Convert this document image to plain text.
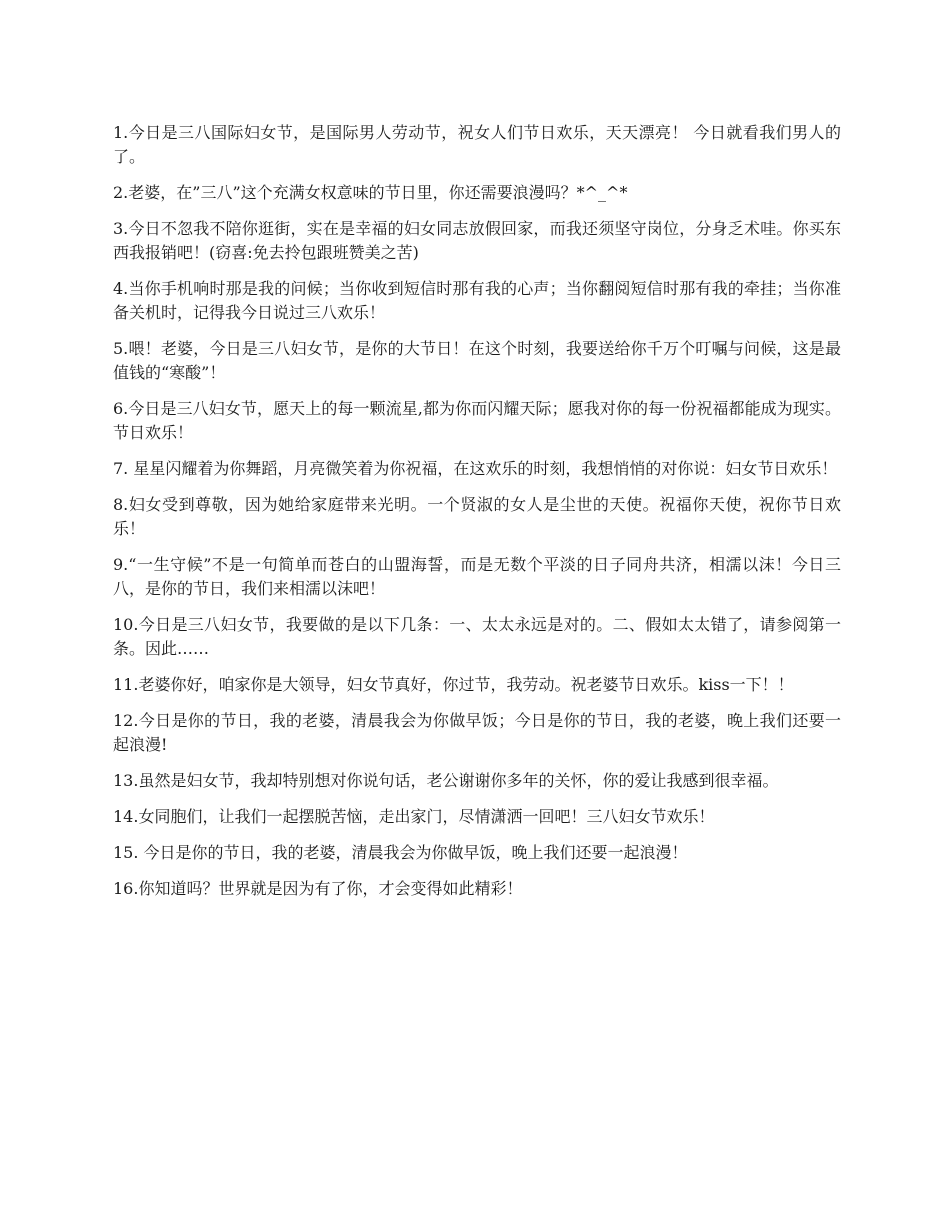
1.今日是三八国际妇女节，是国际男人劳动节，祝女人们节日欢乐，天天漂亮！ 今日就看我们男人的了。

2.老婆，在”三八”这个充满女权意味的节日里，你还需要浪漫吗？*^_^*

3.今日不忽我不陪你逛街，实在是幸福的妇女同志放假回家，而我还须坚守岗位，分身乏术哇。你买东西我报销吧！(窃喜:免去拎包跟班赞美之苦)

4.当你手机响时那是我的问候；当你收到短信时那有我的心声；当你翻阅短信时那有我的牵挂；当你准备关机时，记得我今日说过三八欢乐！

5.喂！老婆，今日是三八妇女节，是你的大节日！在这个时刻，我要送给你千万个叮嘱与问候，这是最值钱的“寒酸”！

6.今日是三八妇女节，愿天上的每一颗流星,都为你而闪耀天际；愿我对你的每一份祝福都能成为现实。节日欢乐！

7. 星星闪耀着为你舞蹈，月亮微笑着为你祝福，在这欢乐的时刻，我想悄悄的对你说：妇女节日欢乐！

8.妇女受到尊敬，因为她给家庭带来光明。一个贤淑的女人是尘世的天使。祝福你天使，祝你节日欢乐！

9.“一生守候”不是一句简单而苍白的山盟海誓，而是无数个平淡的日子同舟共济，相濡以沫！今日三八，是你的节日，我们来相濡以沫吧！

10.今日是三八妇女节，我要做的是以下几条：一、太太永远是对的。二、假如太太错了，请参阅第一条。因此……

11.老婆你好，咱家你是大领导，妇女节真好，你过节，我劳动。祝老婆节日欢乐。kiss一下！！

12.今日是你的节日，我的老婆，清晨我会为你做早饭；今日是你的节日，我的老婆，晚上我们还要一起浪漫!

13.虽然是妇女节，我却特别想对你说句话，老公谢谢你多年的关怀，你的爱让我感到很幸福。

14.女同胞们，让我们一起摆脱苦恼，走出家门，尽情潇洒一回吧！三八妇女节欢乐！

15. 今日是你的节日，我的老婆，清晨我会为你做早饭，晚上我们还要一起浪漫！

16.你知道吗？世界就是因为有了你，才会变得如此精彩！
